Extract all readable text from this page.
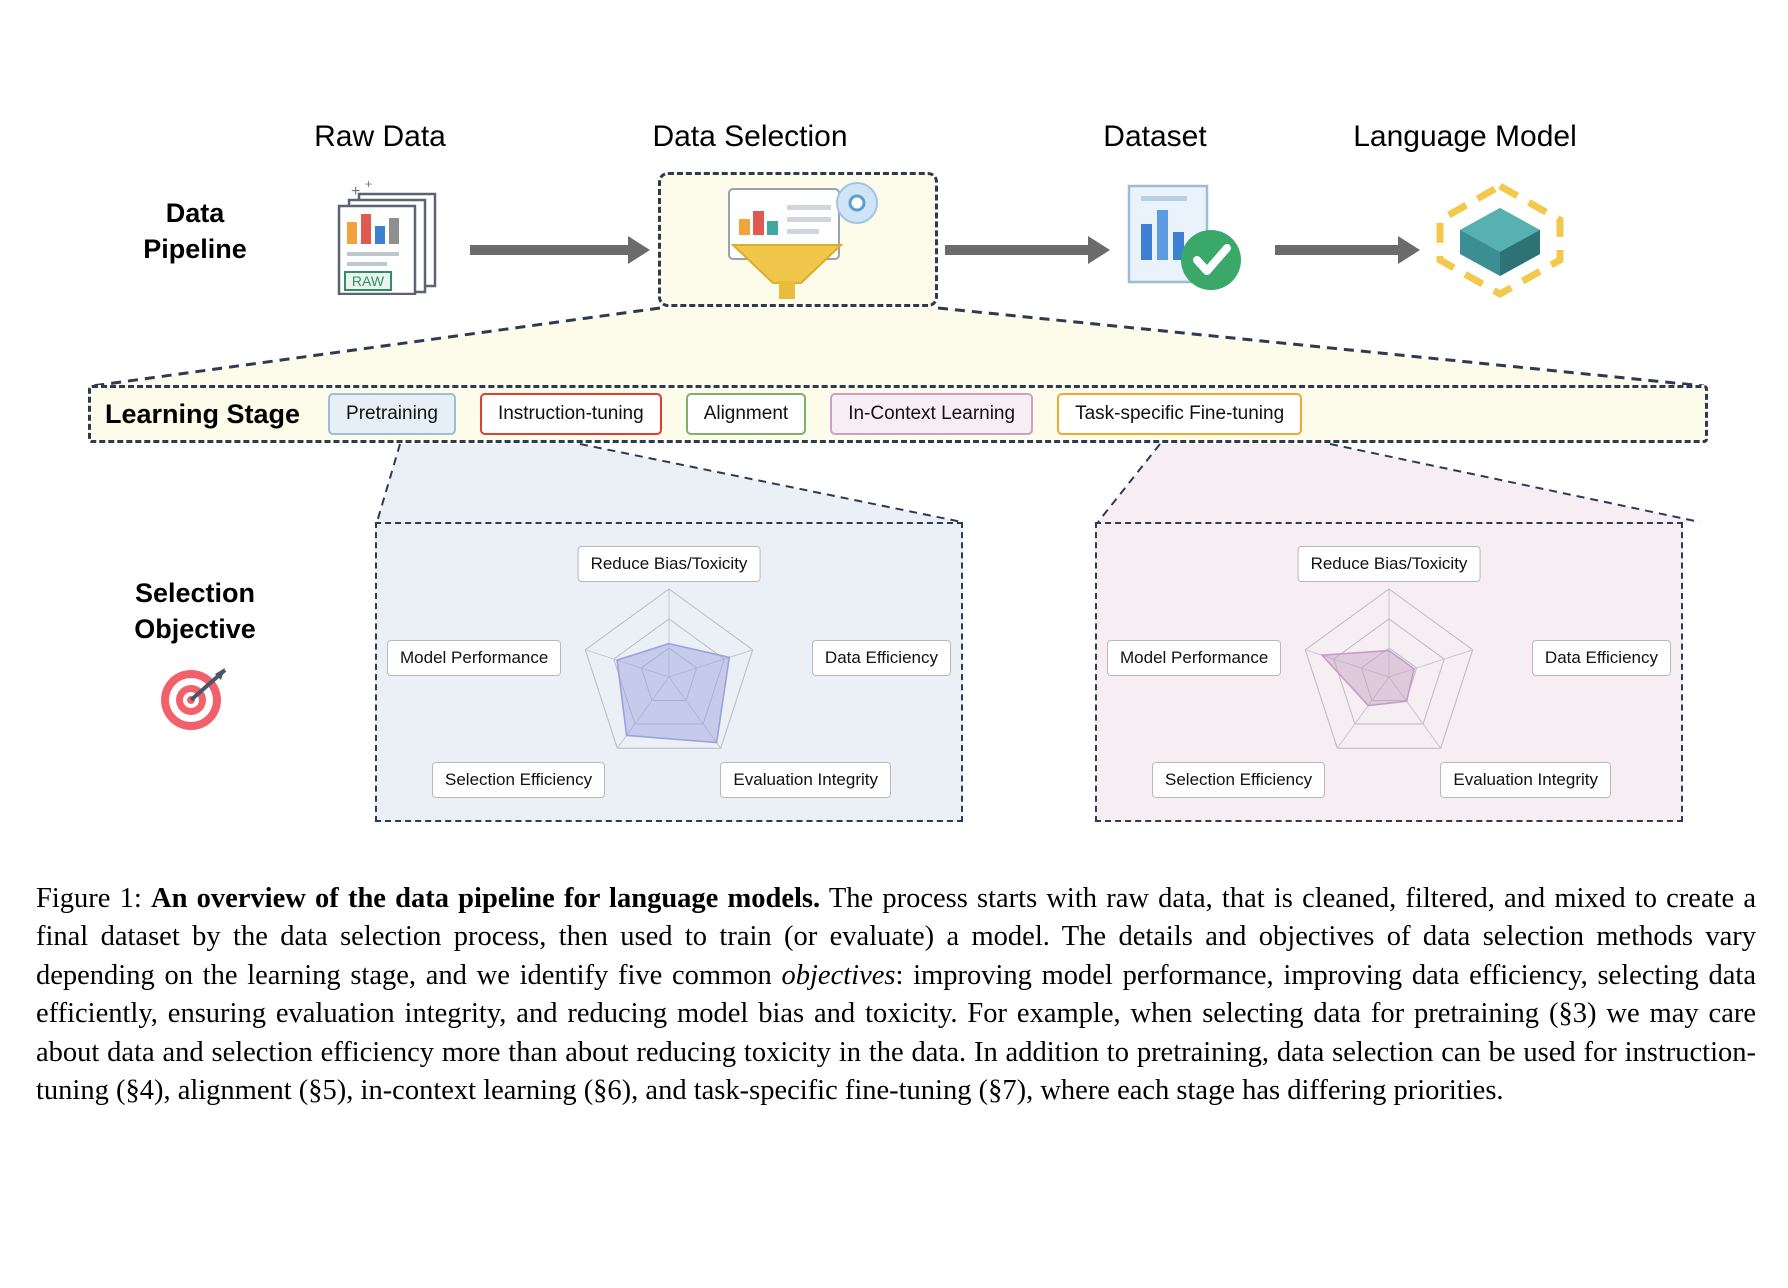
Data
Pipeline
Selection
Objective
Raw Data	Data Selection	Dataset	Language Model
RAW
+ +
Learning Stage	Pretraining	Instruction-tuning	Alignment	In-Context Learning	Task-specific Fine-tuning
Reduce Bias/Toxicity
Data Efficiency
Evaluation Integrity
Selection Efficiency
Model Performance
Reduce Bias/Toxicity
Data Efficiency
Evaluation Integrity
Selection Efficiency
Model Performance
Figure 1: An overview of the data pipeline for language models. The process starts with raw data, that is cleaned, filtered, and mixed to create a final dataset by the data selection process, then used to train (or evaluate) a model. The details and objectives of data selection methods vary depending on the learning stage, and we identify five common objectives: improving model performance, improving data efficiency, selecting data efficiently, ensuring evaluation integrity, and reducing model bias and toxicity. For example, when selecting data for pretraining (§3) we may care about data and selection efficiency more than about reducing toxicity in the data. In addition to pretraining, data selection can be used for instruction-tuning (§4), alignment (§5), in-context learning (§6), and task-specific fine-tuning (§7), where each stage has differing priorities.
